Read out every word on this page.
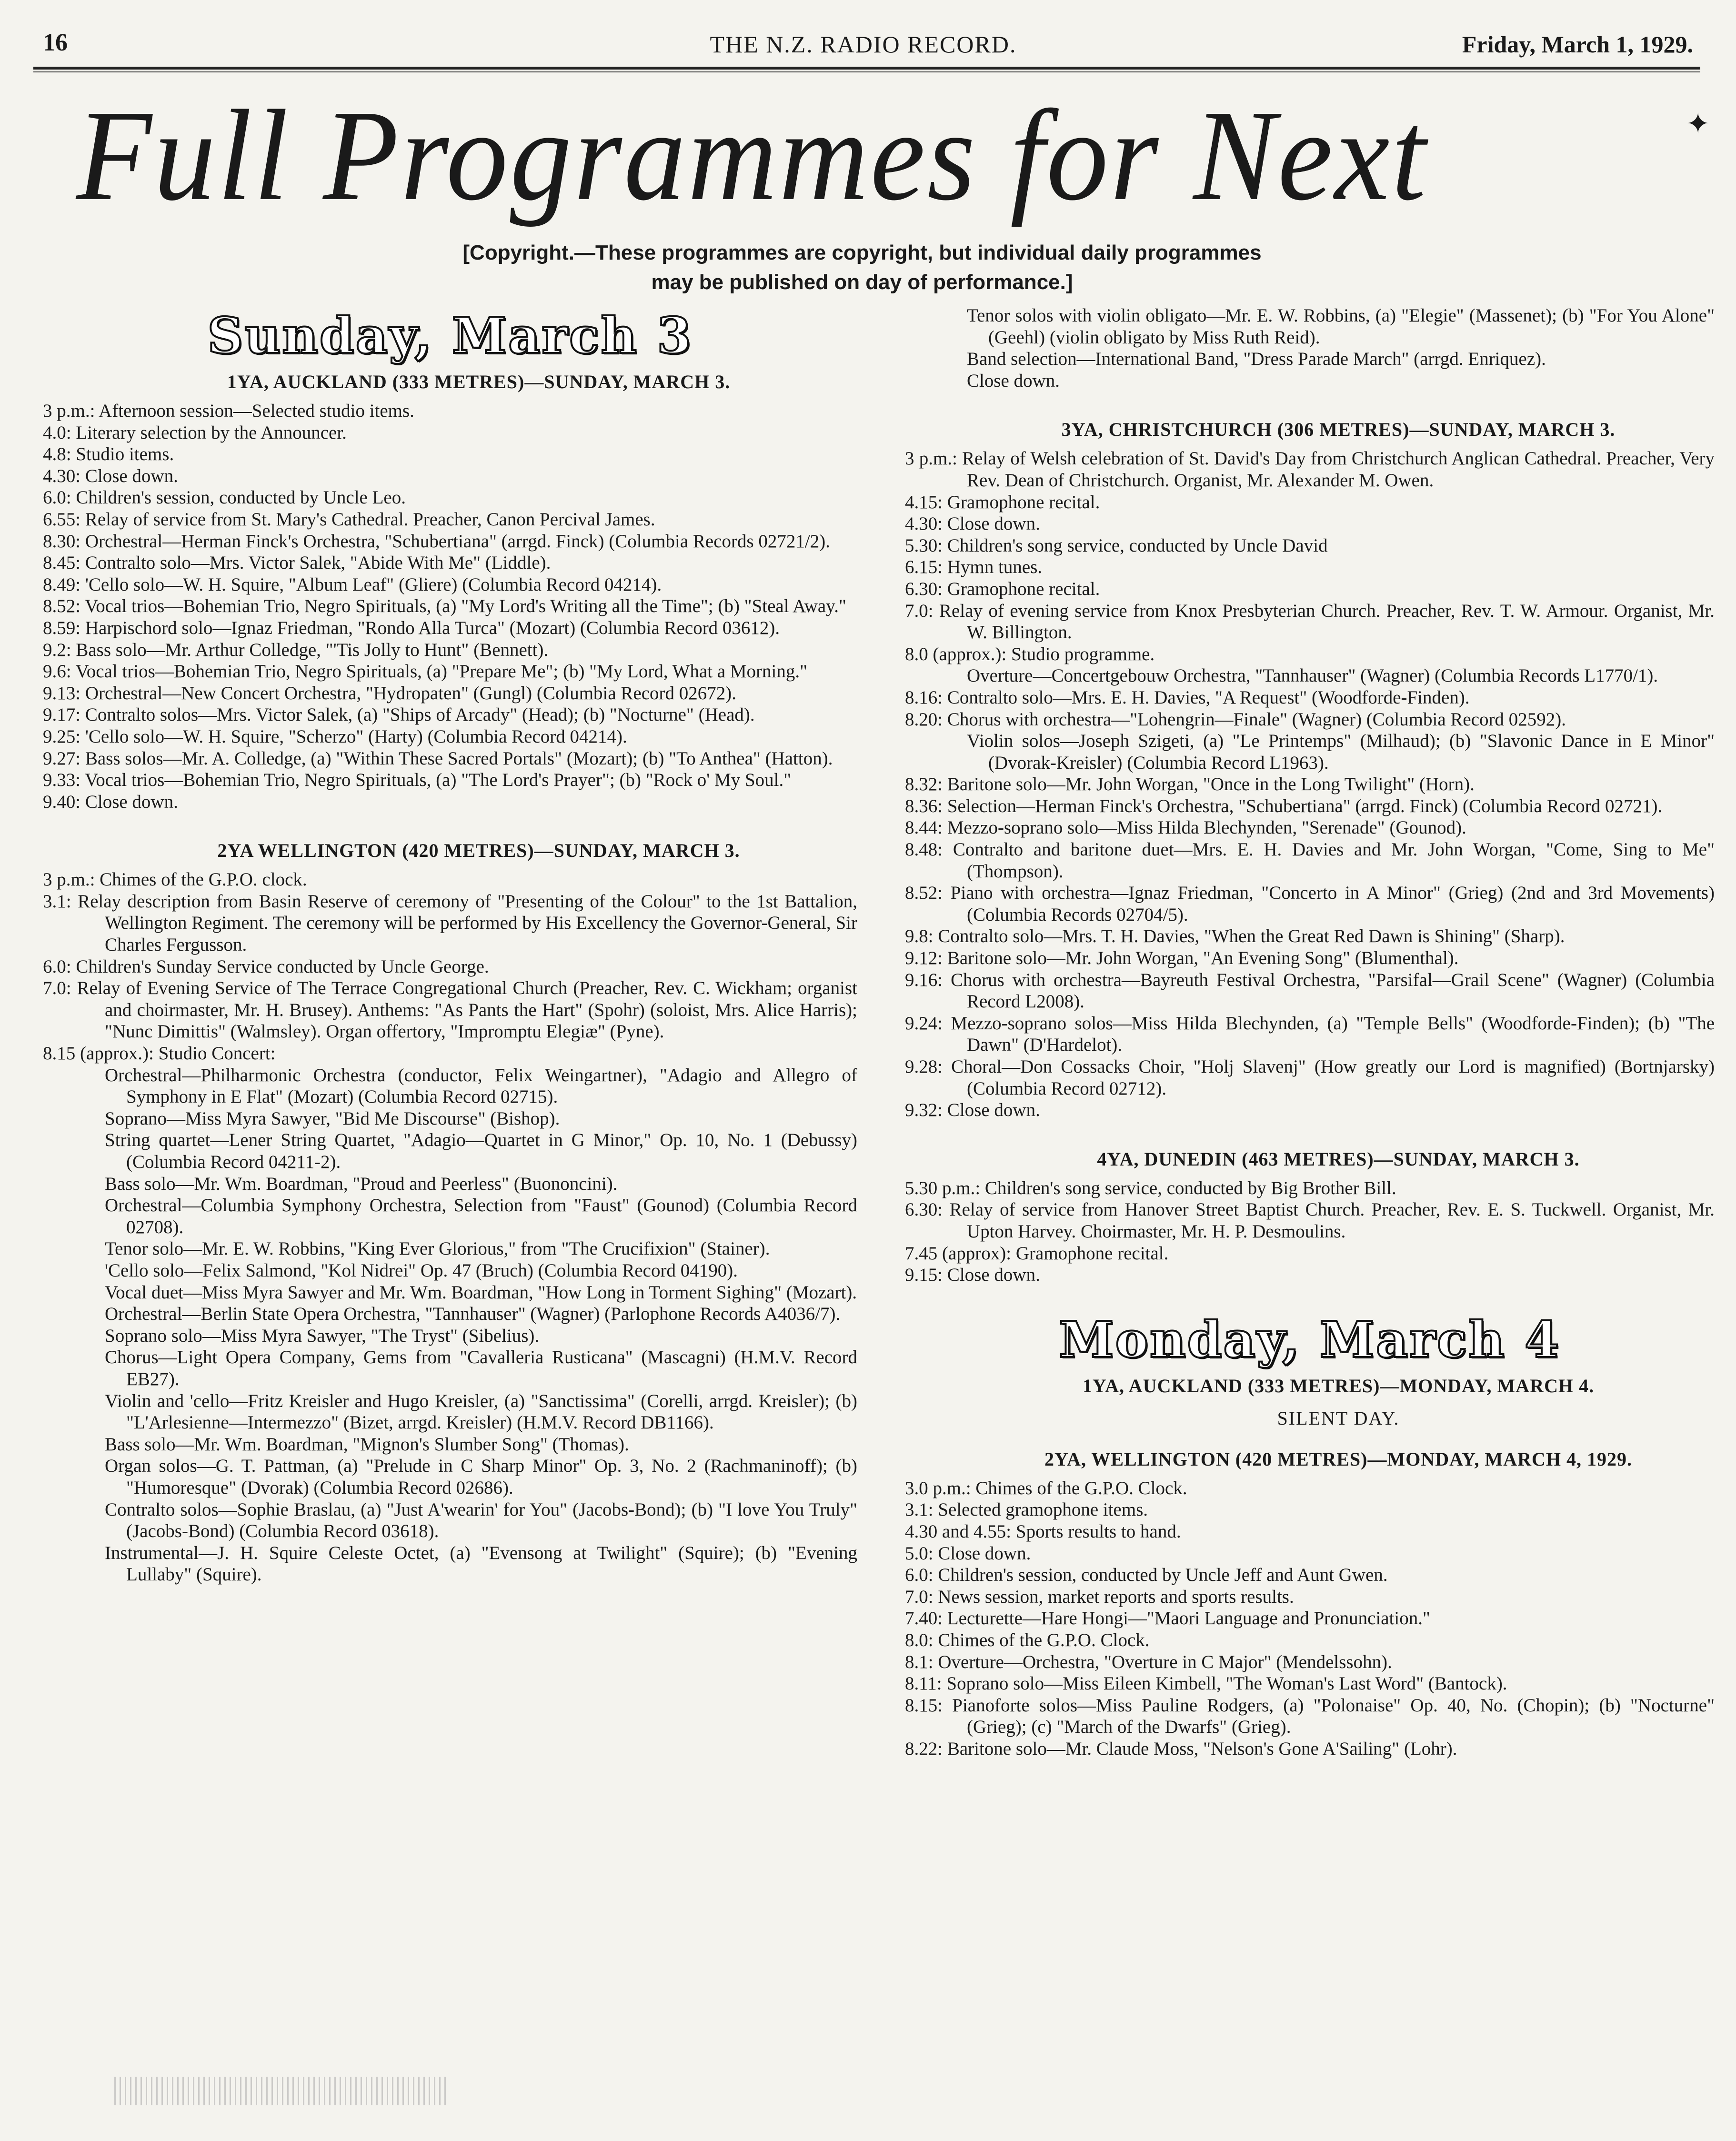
16	THE N.Z. RADIO RECORD.	Friday, March 1, 1929.
Full Programmes for Next	✦
[Copyright.—These programmes are copyright, but individual daily programmes may be published on day of performance.]
Sunday, March 3
1YA, AUCKLAND (333 METRES)—SUNDAY, MARCH 3.
3 p.m.: Afternoon session—Selected studio items.
4.0: Literary selection by the Announcer.
4.8: Studio items.
4.30: Close down.
6.0: Children's session, conducted by Uncle Leo.
6.55: Relay of service from St. Mary's Cathedral. Preacher, Canon Percival James.
8.30: Orchestral—Herman Finck's Orchestra, "Schubertiana" (arrgd. Finck) (Columbia Records 02721/2).
8.45: Contralto solo—Mrs. Victor Salek, "Abide With Me" (Liddle).
8.49: 'Cello solo—W. H. Squire, "Album Leaf" (Gliere) (Columbia Record 04214).
8.52: Vocal trios—Bohemian Trio, Negro Spirituals, (a) "My Lord's Writing all the Time"; (b) "Steal Away."
8.59: Harpischord solo—Ignaz Friedman, "Rondo Alla Turca" (Mozart) (Columbia Record 03612).
9.2: Bass solo—Mr. Arthur Colledge, "'Tis Jolly to Hunt" (Bennett).
9.6: Vocal trios—Bohemian Trio, Negro Spirituals, (a) "Prepare Me"; (b) "My Lord, What a Morning."
9.13: Orchestral—New Concert Orchestra, "Hydropaten" (Gungl) (Columbia Record 02672).
9.17: Contralto solos—Mrs. Victor Salek, (a) "Ships of Arcady" (Head); (b) "Nocturne" (Head).
9.25: 'Cello solo—W. H. Squire, "Scherzo" (Harty) (Columbia Record 04214).
9.27: Bass solos—Mr. A. Colledge, (a) "Within These Sacred Portals" (Mozart); (b) "To Anthea" (Hatton).
9.33: Vocal trios—Bohemian Trio, Negro Spirituals, (a) "The Lord's Prayer"; (b) "Rock o' My Soul."
9.40: Close down.
2YA WELLINGTON (420 METRES)—SUNDAY, MARCH 3.
3 p.m.: Chimes of the G.P.O. clock.
3.1: Relay description from Basin Reserve of ceremony of "Presenting of the Colour" to the 1st Battalion, Wellington Regiment. The ceremony will be performed by His Excellency the Governor-General, Sir Charles Fergusson.
6.0: Children's Sunday Service conducted by Uncle George.
7.0: Relay of Evening Service of The Terrace Congregational Church (Preacher, Rev. C. Wickham; organist and choirmaster, Mr. H. Brusey). Anthems: "As Pants the Hart" (Spohr) (soloist, Mrs. Alice Harris); "Nunc Dimittis" (Walmsley). Organ offertory, "Impromptu Elegiæ" (Pyne).
8.15 (approx.): Studio Concert:
Orchestral—Philharmonic Orchestra (conductor, Felix Weingartner), "Adagio and Allegro of Symphony in E Flat" (Mozart) (Columbia Record 02715).
Soprano—Miss Myra Sawyer, "Bid Me Discourse" (Bishop).
String quartet—Lener String Quartet, "Adagio—Quartet in G Minor," Op. 10, No. 1 (Debussy) (Columbia Record 04211-2).
Bass solo—Mr. Wm. Boardman, "Proud and Peerless" (Buononcini).
Orchestral—Columbia Symphony Orchestra, Selection from "Faust" (Gounod) (Columbia Record 02708).
Tenor solo—Mr. E. W. Robbins, "King Ever Glorious," from "The Crucifixion" (Stainer).
'Cello solo—Felix Salmond, "Kol Nidrei" Op. 47 (Bruch) (Columbia Record 04190).
Vocal duet—Miss Myra Sawyer and Mr. Wm. Boardman, "How Long in Torment Sighing" (Mozart).
Orchestral—Berlin State Opera Orchestra, "Tannhauser" (Wagner) (Parlophone Records A4036/7).
Soprano solo—Miss Myra Sawyer, "The Tryst" (Sibelius).
Chorus—Light Opera Company, Gems from "Cavalleria Rusticana" (Mascagni) (H.M.V. Record EB27).
Violin and 'cello—Fritz Kreisler and Hugo Kreisler, (a) "Sanctissima" (Corelli, arrgd. Kreisler); (b) "L'Arlesienne—Intermezzo" (Bizet, arrgd. Kreisler) (H.M.V. Record DB1166).
Bass solo—Mr. Wm. Boardman, "Mignon's Slumber Song" (Thomas).
Organ solos—G. T. Pattman, (a) "Prelude in C Sharp Minor" Op. 3, No. 2 (Rachmaninoff); (b) "Humoresque" (Dvorak) (Columbia Record 02686).
Contralto solos—Sophie Braslau, (a) "Just A'wearin' for You" (Jacobs-Bond); (b) "I love You Truly" (Jacobs-Bond) (Columbia Record 03618).
Instrumental—J. H. Squire Celeste Octet, (a) "Evensong at Twilight" (Squire); (b) "Evening Lullaby" (Squire).
Tenor solos with violin obligato—Mr. E. W. Robbins, (a) "Elegie" (Massenet); (b) "For You Alone" (Geehl) (violin obligato by Miss Ruth Reid).
Band selection—International Band, "Dress Parade March" (arrgd. Enriquez).
Close down.
3YA, CHRISTCHURCH (306 METRES)—SUNDAY, MARCH 3.
3 p.m.: Relay of Welsh celebration of St. David's Day from Christchurch Anglican Cathedral. Preacher, Very Rev. Dean of Christchurch. Organist, Mr. Alexander M. Owen.
4.15: Gramophone recital.
4.30: Close down.
5.30: Children's song service, conducted by Uncle David
6.15: Hymn tunes.
6.30: Gramophone recital.
7.0: Relay of evening service from Knox Presbyterian Church. Preacher, Rev. T. W. Armour. Organist, Mr. W. Billington.
8.0 (approx.): Studio programme.
Overture—Concertgebouw Orchestra, "Tannhauser" (Wagner) (Columbia Records L1770/1).
8.16: Contralto solo—Mrs. E. H. Davies, "A Request" (Woodforde-Finden).
8.20: Chorus with orchestra—"Lohengrin—Finale" (Wagner) (Columbia Record 02592).
Violin solos—Joseph Szigeti, (a) "Le Printemps" (Milhaud); (b) "Slavonic Dance in E Minor" (Dvorak-Kreisler) (Columbia Record L1963).
8.32: Baritone solo—Mr. John Worgan, "Once in the Long Twilight" (Horn).
8.36: Selection—Herman Finck's Orchestra, "Schubertiana" (arrgd. Finck) (Columbia Record 02721).
8.44: Mezzo-soprano solo—Miss Hilda Blechynden, "Serenade" (Gounod).
8.48: Contralto and baritone duet—Mrs. E. H. Davies and Mr. John Worgan, "Come, Sing to Me" (Thompson).
8.52: Piano with orchestra—Ignaz Friedman, "Concerto in A Minor" (Grieg) (2nd and 3rd Movements) (Columbia Records 02704/5).
9.8: Contralto solo—Mrs. T. H. Davies, "When the Great Red Dawn is Shining" (Sharp).
9.12: Baritone solo—Mr. John Worgan, "An Evening Song" (Blumenthal).
9.16: Chorus with orchestra—Bayreuth Festival Orchestra, "Parsifal—Grail Scene" (Wagner) (Columbia Record L2008).
9.24: Mezzo-soprano solos—Miss Hilda Blechynden, (a) "Temple Bells" (Woodforde-Finden); (b) "The Dawn" (D'Hardelot).
9.28: Choral—Don Cossacks Choir, "Holj Slavenj" (How greatly our Lord is magnified) (Bortnjarsky) (Columbia Record 02712).
9.32: Close down.
4YA, DUNEDIN (463 METRES)—SUNDAY, MARCH 3.
5.30 p.m.: Children's song service, conducted by Big Brother Bill.
6.30: Relay of service from Hanover Street Baptist Church. Preacher, Rev. E. S. Tuckwell. Organist, Mr. Upton Harvey. Choirmaster, Mr. H. P. Desmoulins.
7.45 (approx): Gramophone recital.
9.15: Close down.
Monday, March 4
1YA, AUCKLAND (333 METRES)—MONDAY, MARCH 4.
SILENT DAY.
2YA, WELLINGTON (420 METRES)—MONDAY, MARCH 4, 1929.
3.0 p.m.: Chimes of the G.P.O. Clock.
3.1: Selected gramophone items.
4.30 and 4.55: Sports results to hand.
5.0: Close down.
6.0: Children's session, conducted by Uncle Jeff and Aunt Gwen.
7.0: News session, market reports and sports results.
7.40: Lecturette—Hare Hongi—"Maori Language and Pronunciation."
8.0: Chimes of the G.P.O. Clock.
8.1: Overture—Orchestra, "Overture in C Major" (Mendelssohn).
8.11: Soprano solo—Miss Eileen Kimbell, "The Woman's Last Word" (Bantock).
8.15: Pianoforte solos—Miss Pauline Rodgers, (a) "Polonaise" Op. 40, No. (Chopin); (b) "Nocturne" (Grieg); (c) "March of the Dwarfs" (Grieg).
8.22: Baritone solo—Mr. Claude Moss, "Nelson's Gone A'Sailing" (Lohr).
